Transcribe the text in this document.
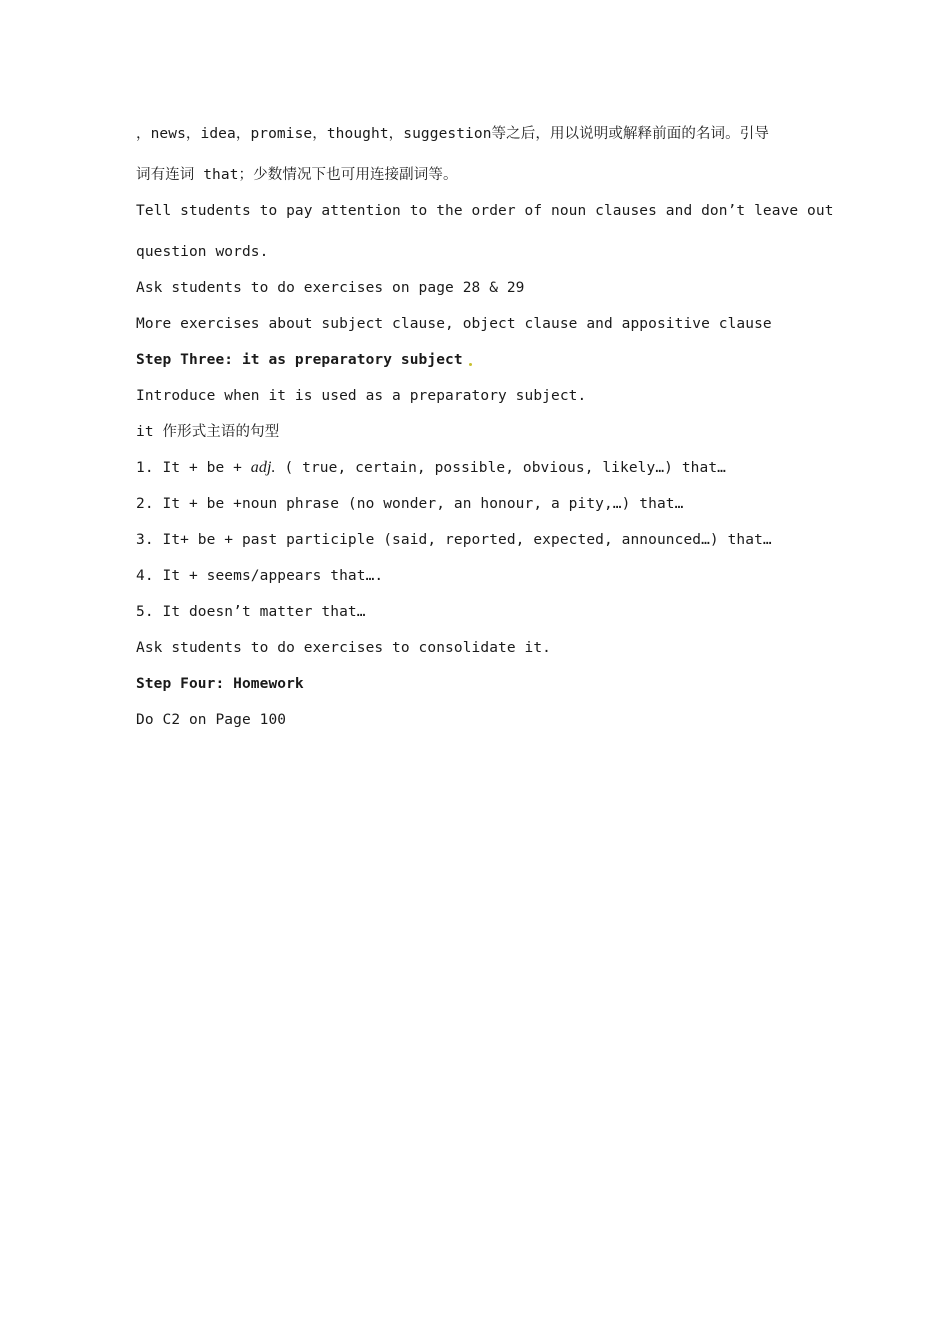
，news，idea，promise，thought，suggestion等之后，用以说明或解释前面的名词。引导

词有连词 that；少数情况下也可用连接副词等。

Tell students to pay attention to the order of noun clauses and don’t leave out

question words.

Ask students to do exercises on page 28 & 29

More exercises about subject clause, object clause and appositive clause

Step Three: it as preparatory subject

Introduce when it is used as a preparatory subject.

it 作形式主语的句型

1. It + be + adj. ( true, certain, possible, obvious, likely…) that…

2. It + be +noun phrase (no wonder, an honour, a pity,…) that…

3. It+ be + past participle (said, reported, expected, announced…) that…

4. It + seems/appears that….

5. It doesn’t matter that…

Ask students to do exercises to consolidate it.

Step Four: Homework

Do C2 on Page 100
